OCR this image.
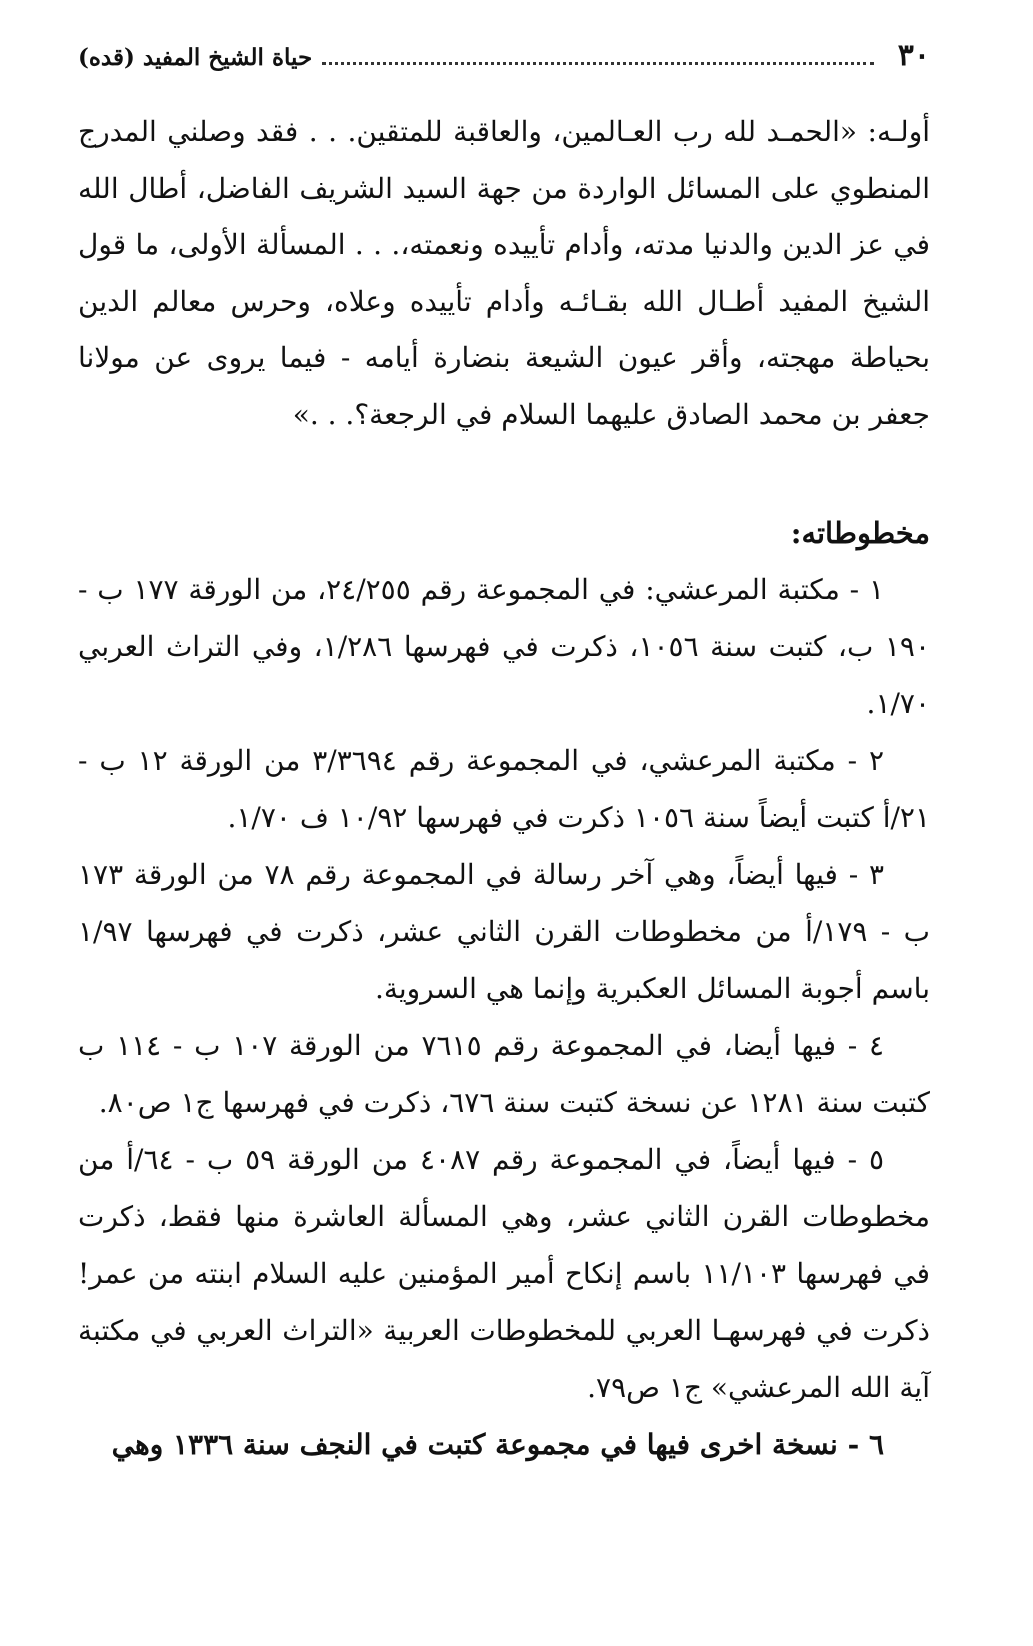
٣٠
حياة الشيخ المفيد (قده)
أولـه: «الحمـد لله رب العـالمين، والعاقبة للمتقين. . . فقد وصلني المدرج المنطوي على المسائل الواردة من جهة السيد الشريف الفاضل، أطال الله في عز الدين والدنيا مدته، وأدام تأييده ونعمته،. . . المسألة الأولى، ما قول الشيخ المفيد أطـال الله بقـائـه وأدام تأييده وعلاه، وحرس معالم الدين بحياطة مهجته، وأقر عيون الشيعة بنضارة أيامه - فيما يروى عن مولانا جعفر بن محمد الصادق عليهما السلام في الرجعة؟. . .»
مخطوطاته:

١ - مكتبة المرعشي: في المجموعة رقم ٢٤/٢٥٥، من الورقة ١٧٧ ب - ١٩٠ ب، كتبت سنة ١٠٥٦، ذكرت في فهرسها ١/٢٨٦، وفي التراث العربي ١/٧٠.

٢ - مكتبة المرعشي، في المجموعة رقم ٣/٣٦٩٤ من الورقة ١٢ ب - ٢١/أ كتبت أيضاً سنة ١٠٥٦ ذكرت في فهرسها ١٠/٩٢ ف ١/٧٠.

٣ - فيها أيضاً، وهي آخر رسالة في المجموعة رقم ٧٨ من الورقة ١٧٣ ب - ١٧٩/أ من مخطوطات القرن الثاني عشر، ذكرت في فهرسها ١/٩٧ باسم أجوبة المسائل العكبرية وإنما هي السروية.

٤ - فيها أيضا، في المجموعة رقم ٧٦١٥ من الورقة ١٠٧ ب - ١١٤ ب كتبت سنة ١٢٨١ عن نسخة كتبت سنة ٦٧٦، ذكرت في فهرسها ج١ ص٨٠.

٥ - فيها أيضاً، في المجموعة رقم ٤٠٨٧ من الورقة ٥٩ ب - ٦٤/أ من مخطوطات القرن الثاني عشر، وهي المسألة العاشرة منها فقط، ذكرت في فهرسها ١١/١٠٣ باسم إنكاح أمير المؤمنين عليه السلام ابنته من عمر! ذكرت في فهرسهـا العربي للمخطوطات العربية «التراث العربي في مكتبة آية الله المرعشي» ج١ ص٧٩.

٦ - نسخة اخرى فيها في مجموعة كتبت في النجف سنة ١٣٣٦ وهي
